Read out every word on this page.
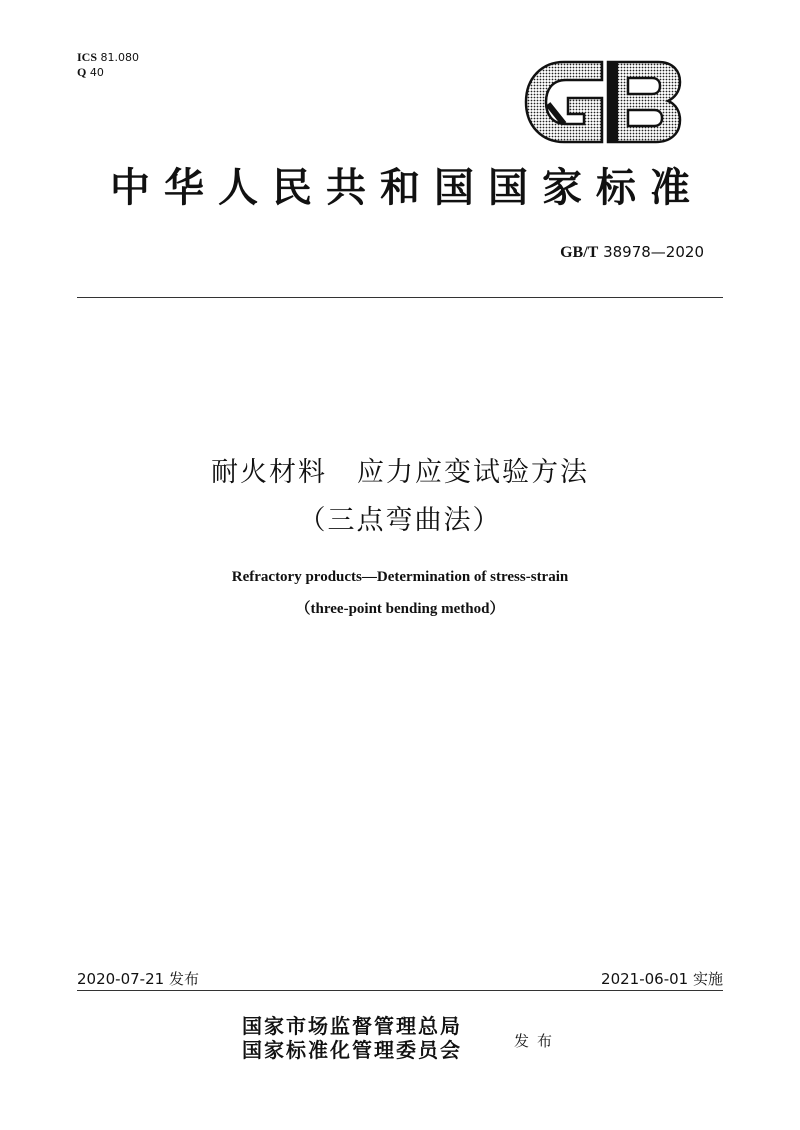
ICS 81.080
Q 40
中华人民共和国国家标准
GB/T 38978—2020
耐火材料 应力应变试验方法
（三点弯曲法）
Refractory products—Determination of stress-strain
（three-point bending method）
2020-07-21 发布	2021-06-01 实施
国家市场监督管理总局
国家标准化管理委员会	发布
